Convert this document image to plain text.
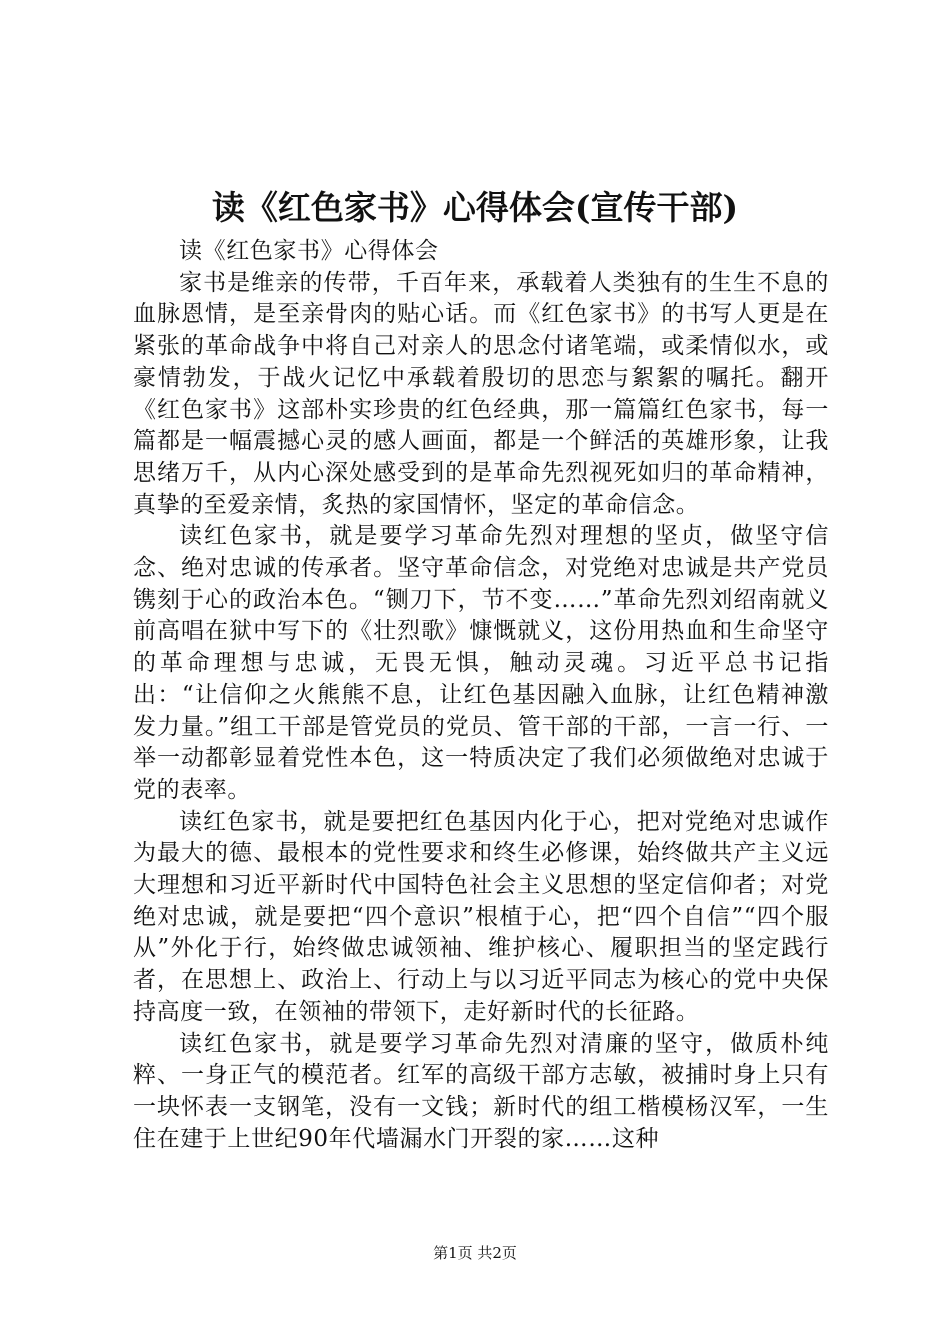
读《红色家书》心得体会(宣传干部)

读《红色家书》心得体会

家书是维亲的传带，千百年来，承载着人类独有的生生不息的血脉恩情，是至亲骨肉的贴心话。而《红色家书》的书写人更是在紧张的革命战争中将自己对亲人的思念付诸笔端，或柔情似水，或豪情勃发，于战火记忆中承载着殷切的思恋与絮絮的嘱托。翻开《红色家书》这部朴实珍贵的红色经典，那一篇篇红色家书，每一篇都是一幅震撼心灵的感人画面，都是一个鲜活的英雄形象，让我思绪万千，从内心深处感受到的是革命先烈视死如归的革命精神，真挚的至爱亲情，炙热的家国情怀，坚定的革命信念。

读红色家书，就是要学习革命先烈对理想的坚贞，做坚守信念、绝对忠诚的传承者。坚守革命信念，对党绝对忠诚是共产党员镌刻于心的政治本色。“铡刀下，节不变……”革命先烈刘绍南就义前高唱在狱中写下的《壮烈歌》慷慨就义，这份用热血和生命坚守的革命理想与忠诚，无畏无惧，触动灵魂。习近平总书记指出：“让信仰之火熊熊不息，让红色基因融入血脉，让红色精神激发力量。”组工干部是管党员的党员、管干部的干部，一言一行、一举一动都彰显着党性本色，这一特质决定了我们必须做绝对忠诚于党的表率。

读红色家书，就是要把红色基因内化于心，把对党绝对忠诚作为最大的德、最根本的党性要求和终生必修课，始终做共产主义远大理想和习近平新时代中国特色社会主义思想的坚定信仰者；对党绝对忠诚，就是要把“四个意识”根植于心，把“四个自信”“四个服从”外化于行，始终做忠诚领袖、维护核心、履职担当的坚定践行者，在思想上、政治上、行动上与以习近平同志为核心的党中央保持高度一致，在领袖的带领下，走好新时代的长征路。

读红色家书，就是要学习革命先烈对清廉的坚守，做质朴纯粹、一身正气的模范者。红军的高级干部方志敏，被捕时身上只有一块怀表一支钢笔，没有一文钱；新时代的组工楷模杨汉军，一生住在建于上世纪90年代墙漏水门开裂的家……这种

第1页 共2页
